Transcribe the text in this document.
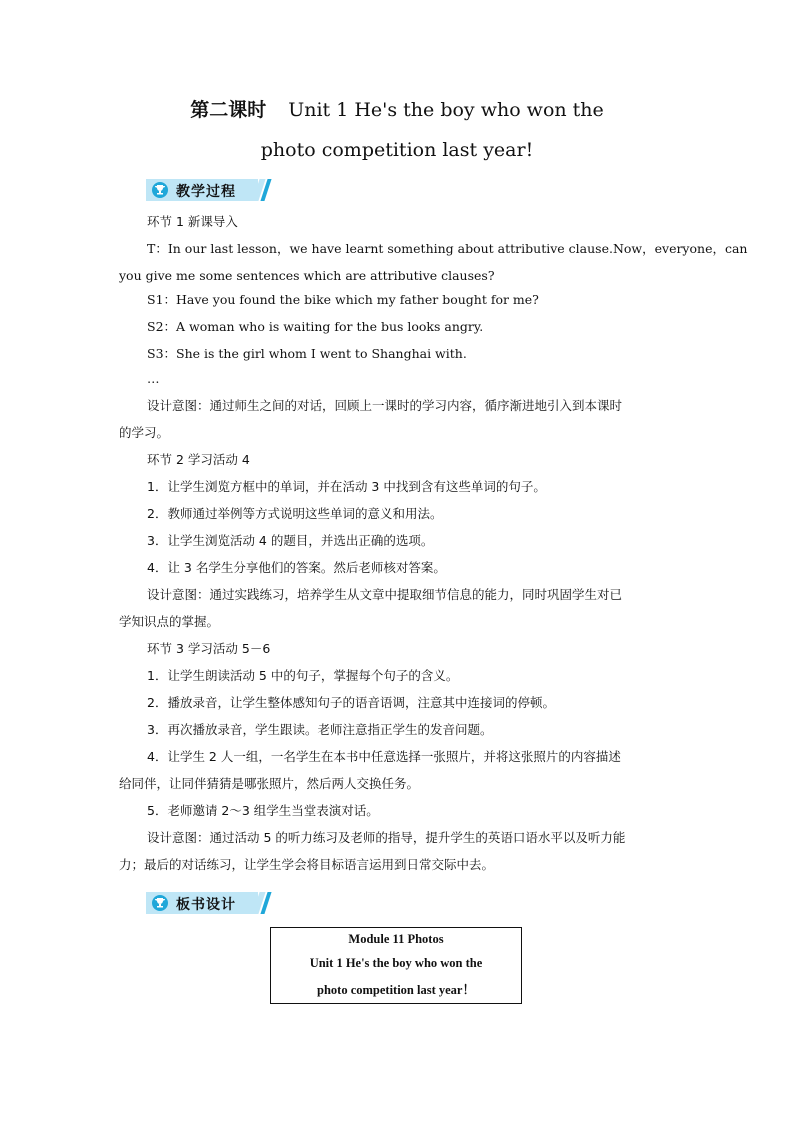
第二课时 Unit 1 He's the boy who won the
photo competition last year!
教学过程
环节 1 新课导入
T：In our last lesson，we have learnt something about attributive clause.Now，everyone，can
you give me some sentences which are attributive clauses?
S1：Have you found the bike which my father bought for me?
S2：A woman who is waiting for the bus looks angry.
S3：She is the girl whom I went to Shanghai with.
…
设计意图：通过师生之间的对话，回顾上一课时的学习内容，循序渐进地引入到本课时
的学习。
环节 2 学习活动 4
1．让学生浏览方框中的单词，并在活动 3 中找到含有这些单词的句子。
2．教师通过举例等方式说明这些单词的意义和用法。
3．让学生浏览活动 4 的题目，并选出正确的选项。
4．让 3 名学生分享他们的答案。然后老师核对答案。
设计意图：通过实践练习，培养学生从文章中提取细节信息的能力，同时巩固学生对已
学知识点的掌握。
环节 3 学习活动 5－6
1．让学生朗读活动 5 中的句子，掌握每个句子的含义。
2．播放录音，让学生整体感知句子的语音语调，注意其中连接词的停顿。
3．再次播放录音，学生跟读。老师注意指正学生的发音问题。
4．让学生 2 人一组，一名学生在本书中任意选择一张照片，并将这张照片的内容描述
给同伴，让同伴猜猜是哪张照片，然后两人交换任务。
5．老师邀请 2～3 组学生当堂表演对话。
设计意图：通过活动 5 的听力练习及老师的指导，提升学生的英语口语水平以及听力能
力；最后的对话练习，让学生学会将目标语言运用到日常交际中去。
板书设计
Module 11 Photos
Unit 1 He's the boy who won the
photo competition last year！
